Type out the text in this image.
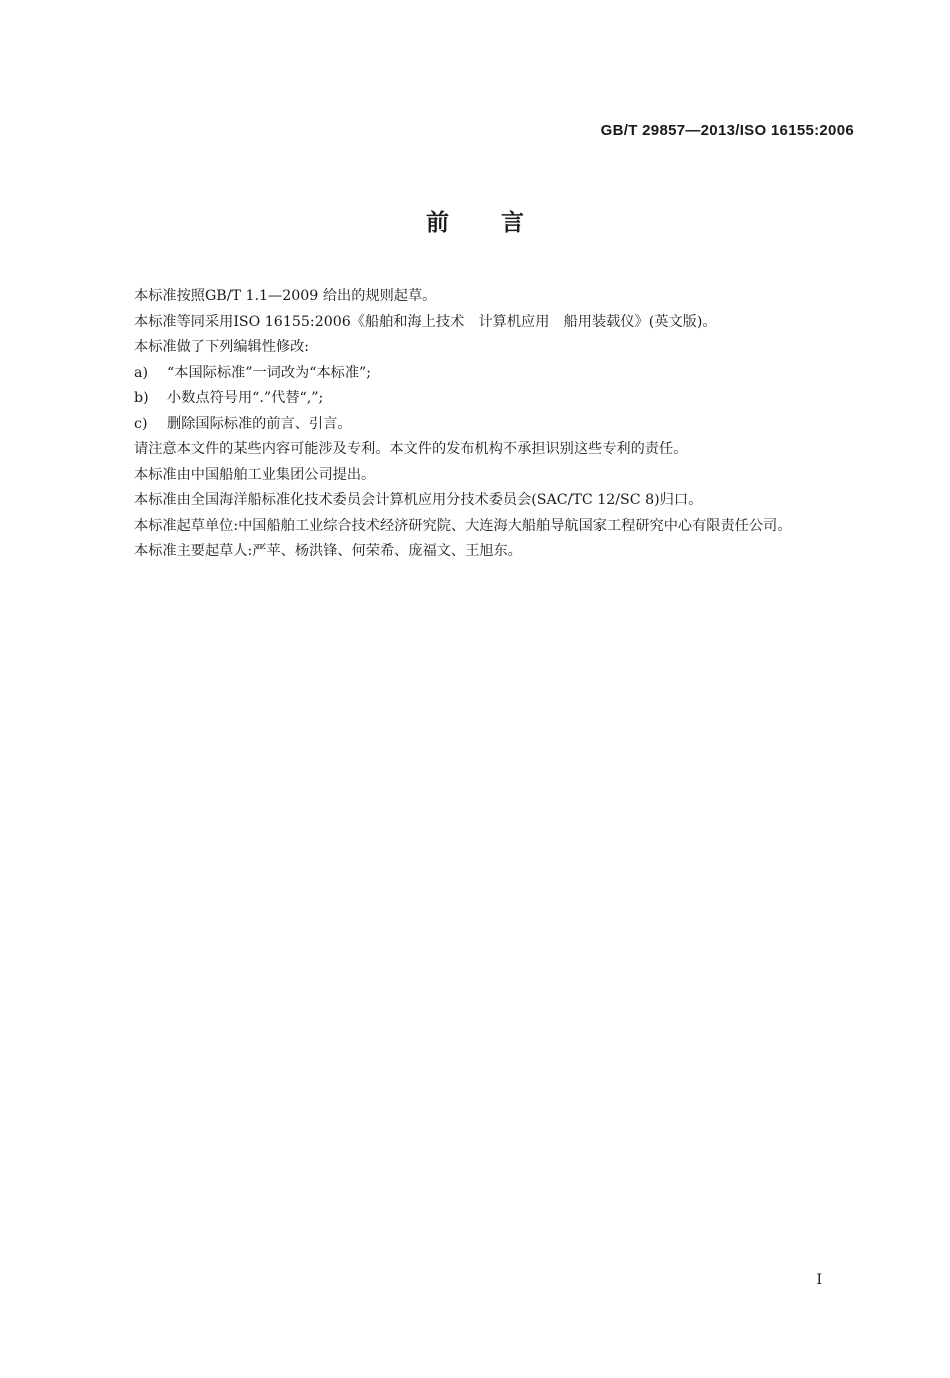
GB/T 29857—2013/ISO 16155:2006
前言

本标准按照GB/T 1.1—2009 给出的规则起草。

本标准等同采用ISO 16155:2006《船舶和海上技术　计算机应用　船用装载仪》(英文版)。

本标准做了下列编辑性修改:

a) “本国际标准”一词改为“本标准”;
b) 小数点符号用“.”代替“,”;
c) 删除国际标准的前言、引言。

请注意本文件的某些内容可能涉及专利。本文件的发布机构不承担识别这些专利的责任。

本标准由中国船舶工业集团公司提出。

本标准由全国海洋船标准化技术委员会计算机应用分技术委员会(SAC/TC 12/SC 8)归口。

本标准起草单位:中国船舶工业综合技术经济研究院、大连海大船舶导航国家工程研究中心有限责任公司。

本标准主要起草人:严苹、杨洪锋、何荣希、庞福文、王旭东。

I
